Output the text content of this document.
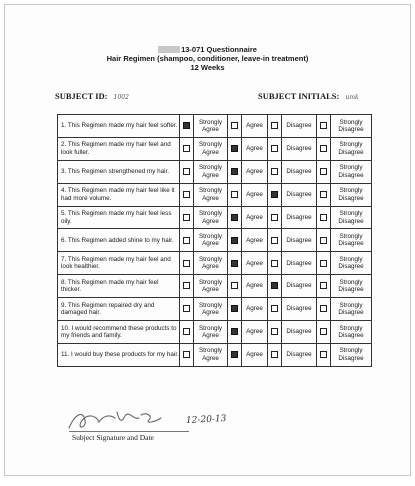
13-071 Questionnaire
Hair Regimen (shampoo, conditioner, leave-in treatment)
12 Weeks
SUBJECT ID: 1002	SUBJECT INITIALS: umk
1. This Regimen made my hair feel softer.		Strongly Agree		Agree		Disagree		Strongly Disagree
2. This Regimen made my hair feel and look fuller.		Strongly Agree		Agree		Disagree		Strongly Disagree
3. This Regimen strengthened my hair.		Strongly Agree		Agree		Disagree		Strongly Disagree
4. This Regimen made my hair feel like it had more volume.		Strongly Agree		Agree		Disagree		Strongly Disagree
5. This Regimen made my hair feel less oily.		Strongly Agree		Agree		Disagree		Strongly Disagree
6. This Regimen added shine to my hair.		Strongly Agree		Agree		Disagree		Strongly Disagree
7. This Regimen made my hair feel and look healthier.		Strongly Agree		Agree		Disagree		Strongly Disagree
8. This Regimen made my hair feel thicker.		Strongly Agree		Agree		Disagree		Strongly Disagree
9. This Regimen repaired dry and damaged hair.		Strongly Agree		Agree		Disagree		Strongly Disagree
10. I would recommend these products to my friends and family.		Strongly Agree		Agree		Disagree		Strongly Disagree
11. I would buy these products for my hair.		Strongly Agree		Agree		Disagree		Strongly Disagree
12-20-13
Subject Signature and Date
